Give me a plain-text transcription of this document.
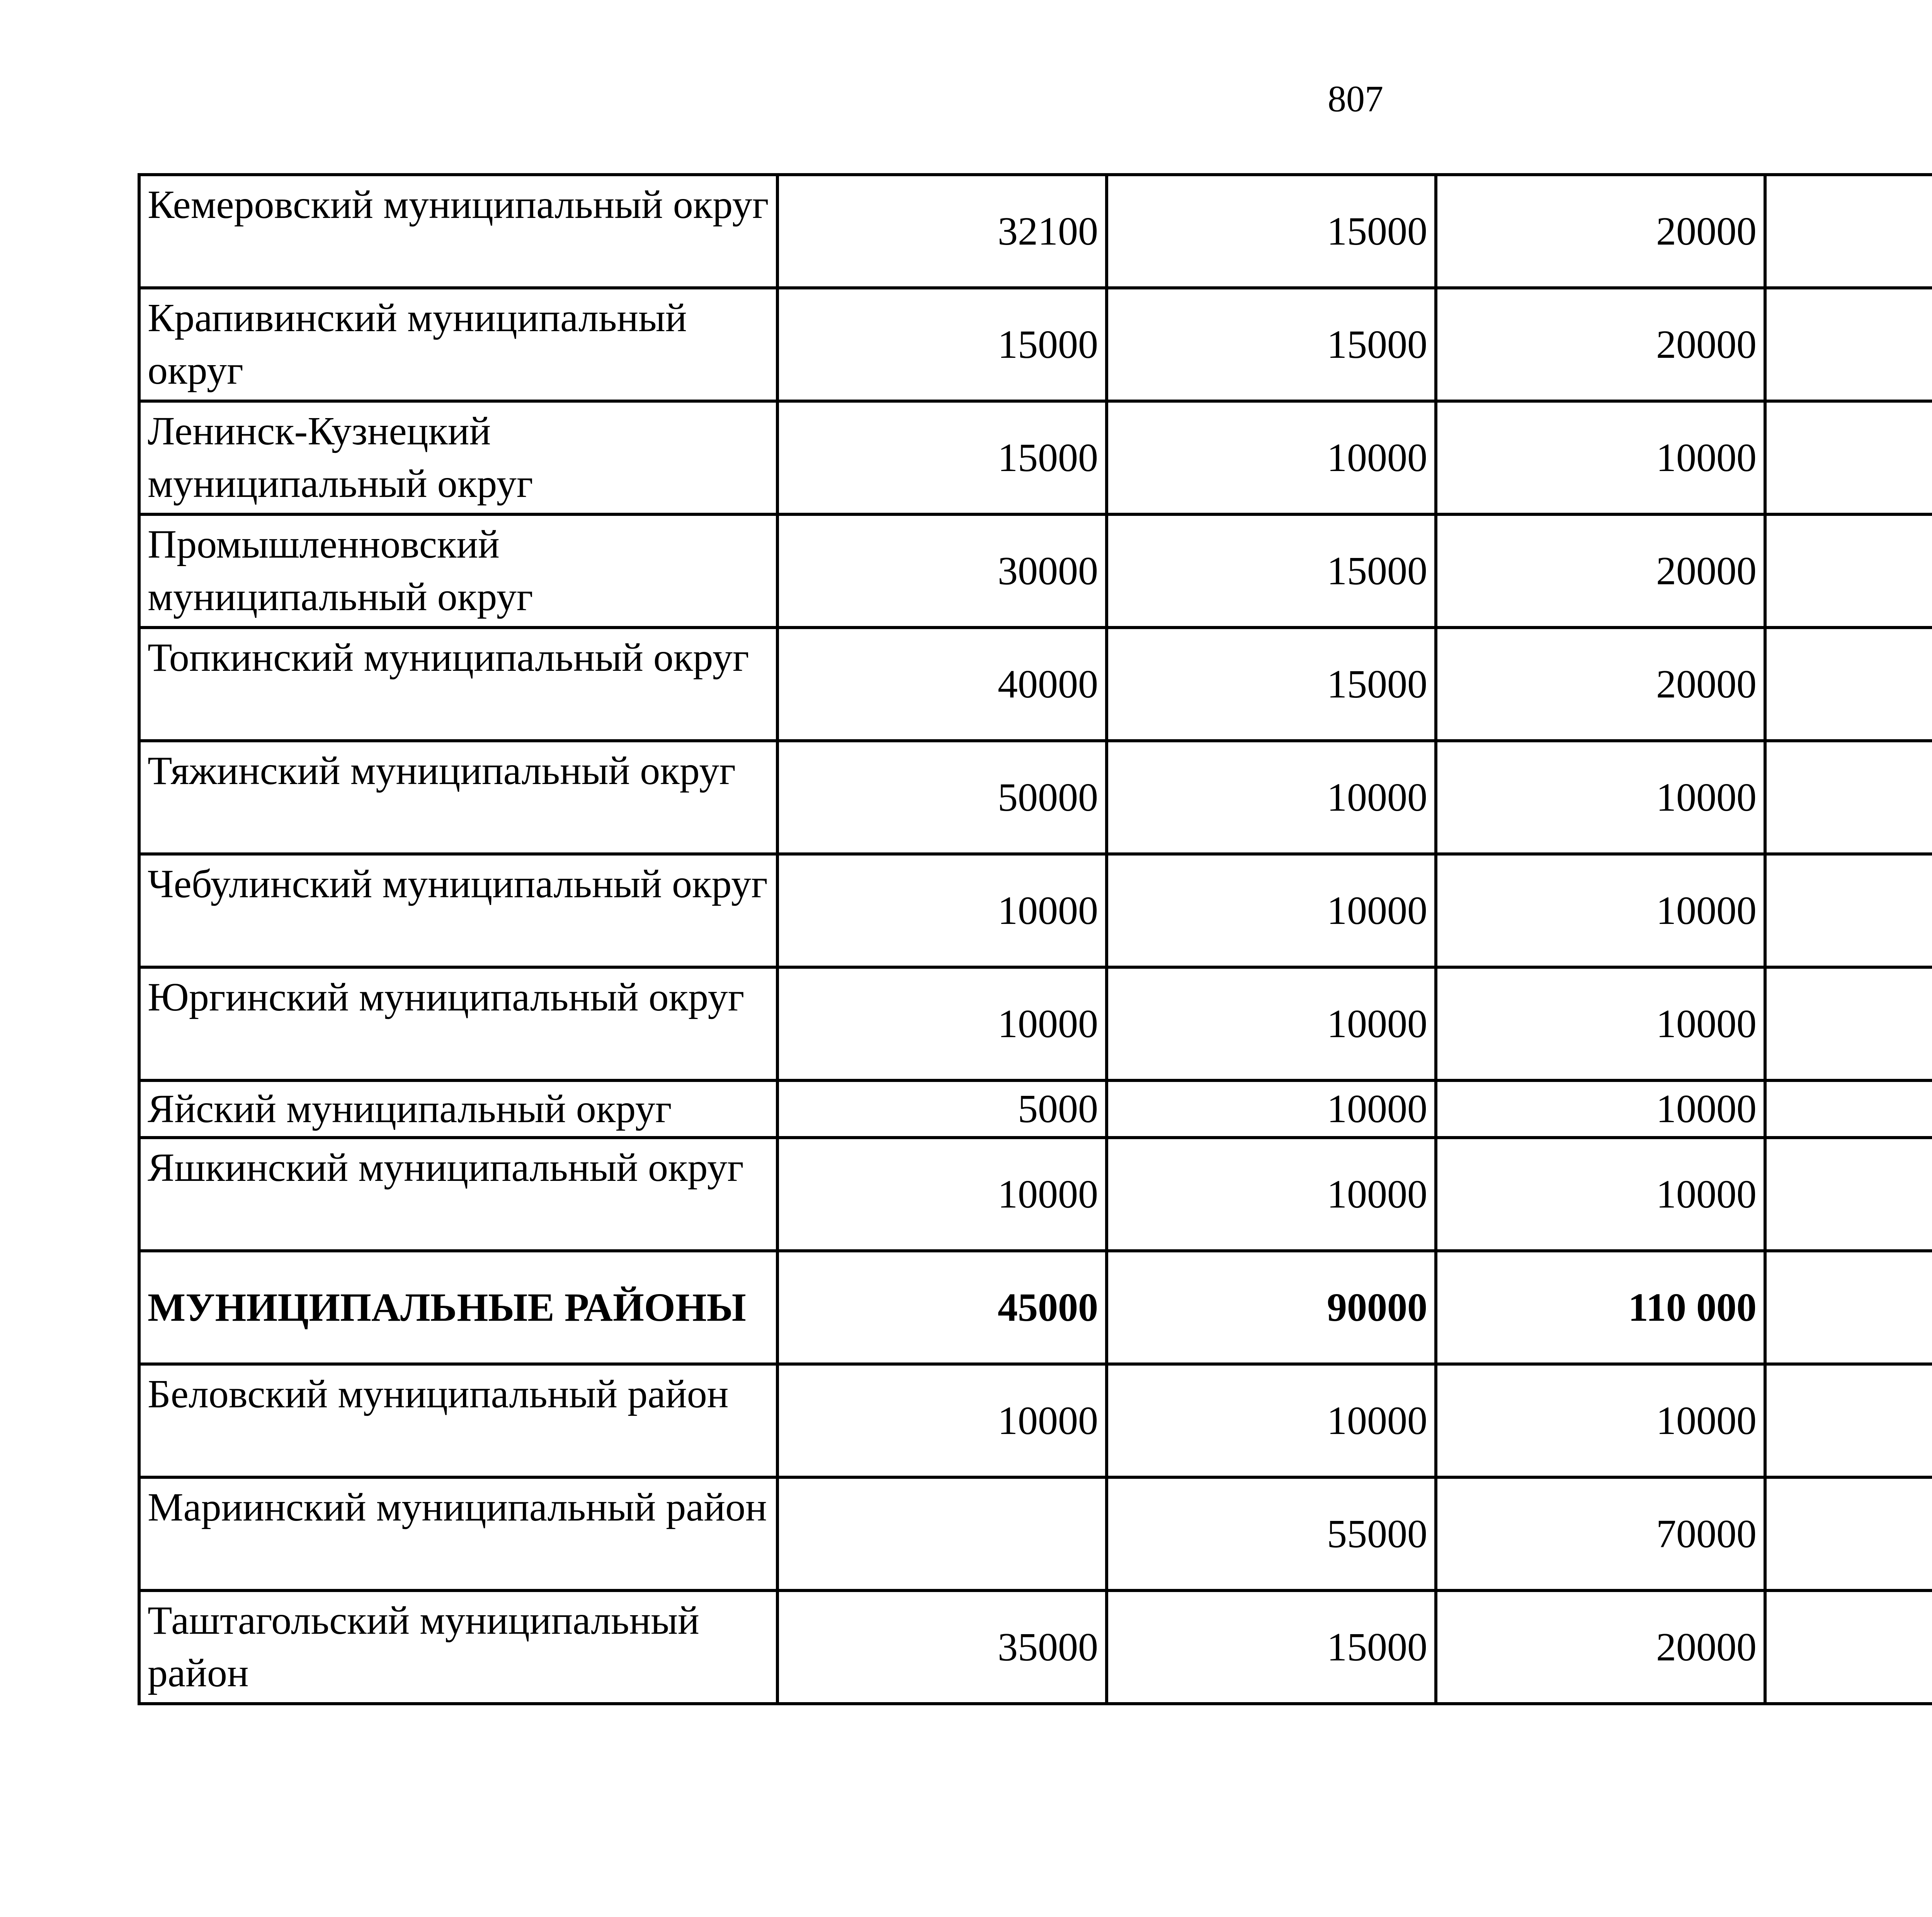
807
Кемеровский муниципальный округ	32100	15000	20000			
Крапивинский муниципальный округ	15000	15000	20000			
Ленинск-Кузнецкий муниципальный округ	15000	10000	10000			
Промышленновский муниципальный округ	30000	15000	20000			
Топкинский муниципальный округ	40000	15000	20000			
Тяжинский муниципальный округ	50000	10000	10000			
Чебулинский муниципальный округ	10000	10000	10000			
Юргинский муниципальный округ	10000	10000	10000			
Яйский муниципальный округ	5000	10000	10000			
Яшкинский муниципальный округ	10000	10000	10000			
МУНИЦИПАЛЬНЫЕ РАЙОНЫ	45000	90000	110 000			
Беловский муниципальный район	10000	10000	10000			
Мариинский муниципальный район		55000	70000			
Таштагольский муниципальный район	35000	15000	20000			
